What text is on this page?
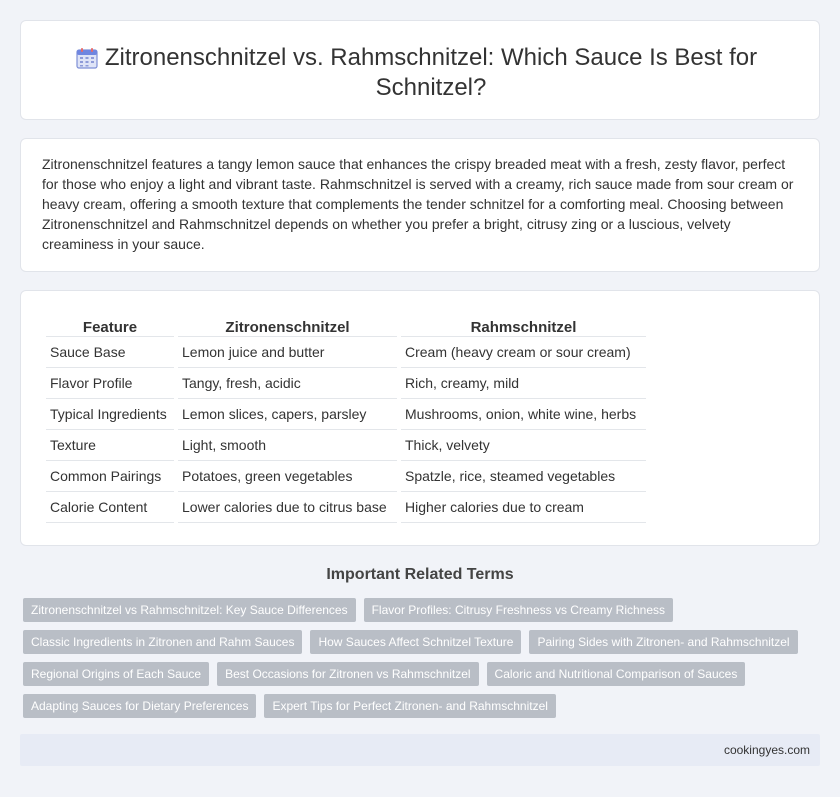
Zitronenschnitzel vs. Rahmschnitzel: Which Sauce Is Best for Schnitzel?

Zitronenschnitzel features a tangy lemon sauce that enhances the crispy breaded meat with a fresh, zesty flavor, perfect for those who enjoy a light and vibrant taste. Rahmschnitzel is served with a creamy, rich sauce made from sour cream or heavy cream, offering a smooth texture that complements the tender schnitzel for a comforting meal. Choosing between Zitronenschnitzel and Rahmschnitzel depends on whether you prefer a bright, citrusy zing or a luscious, velvety creaminess in your sauce.

Feature	Zitronenschnitzel	Rahmschnitzel
Sauce Base	Lemon juice and butter	Cream (heavy cream or sour cream)
Flavor Profile	Tangy, fresh, acidic	Rich, creamy, mild
Typical Ingredients	Lemon slices, capers, parsley	Mushrooms, onion, white wine, herbs
Texture	Light, smooth	Thick, velvety
Common Pairings	Potatoes, green vegetables	Spatzle, rice, steamed vegetables
Calorie Content	Lower calories due to citrus base	Higher calories due to cream
Important Related Terms
Zitronenschnitzel vs Rahmschnitzel: Key Sauce Differences	Flavor Profiles: Citrusy Freshness vs Creamy Richness
Classic Ingredients in Zitronen and Rahm Sauces	How Sauces Affect Schnitzel Texture	Pairing Sides with Zitronen- and Rahmschnitzel
Regional Origins of Each Sauce	Best Occasions for Zitronen vs Rahmschnitzel	Caloric and Nutritional Comparison of Sauces
Adapting Sauces for Dietary Preferences	Expert Tips for Perfect Zitronen- and Rahmschnitzel
cookingyes.com
